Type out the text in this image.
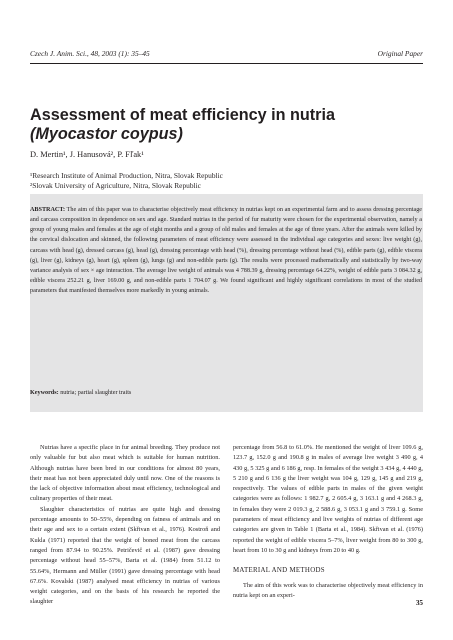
Czech J. Anim. Sci., 48, 2003 (1): 35–45	Original Paper
Assessment of meat efficiency in nutria
(Myocastor coypus)
D. Mertin¹, J. Hanusová², P. Fľak¹
¹Research Institute of Animal Production, Nitra, Slovak Republic
²Slovak University of Agriculture, Nitra, Slovak Republic
ABSTRACT: The aim of this paper was to characterise objectively meat efficiency in nutrias kept on an experimental farm and to assess dressing percentage and carcass composition in dependence on sex and age. Standard nutrias in the period of fur maturity were chosen for the experimental observation, namely a group of young males and females at the age of eight months and a group of old males and females at the age of three years. After the animals were killed by the cervical dislocation and skinned, the following parameters of meat efficiency were assessed in the individual age categories and sexes: live weight (g), carcass with head (g), dressed carcass (g), head (g), dressing percentage with head (%), dressing percentage without head (%), edible parts (g), edible viscera (g), liver (g), kidneys (g), heart (g), spleen (g), lungs (g) and non-edible parts (g). The results were processed mathematically and statistically by two-way variance analysis of sex × age interaction. The average live weight of animals was 4 788.39 g, dressing percentage 64.22%, weight of edible parts 3 084.32 g, edible viscera 252.21 g, liver 169.00 g, and non-edible parts 1 704.07 g. We found significant and highly significant correlations in most of the studied parameters that manifested themselves more markedly in young animals.
Keywords: nutria; partial slaughter traits

Nutrias have a specific place in fur animal breeding. They produce not only valuable fur but also meat which is suitable for human nutrition. Although nutrias have been bred in our conditions for almost 80 years, their meat has not been appreciated duly until now. One of the reasons is the lack of objective information about meat efficiency, technological and culinary properties of their meat.

Slaughter characteristics of nutrias are quite high and dressing percentage amounts to 50–55%, depending on fatness of animals and on their age and sex to a certain extent (Skřivan et al., 1976). Kostroň and Kukla (1971) reported that the weight of boned meat from the carcass ranged from 87.94 to 90.25%. Petričevič et al. (1987) gave dressing percentage without head 55–57%, Barta et al. (1984) from 51.12 to 55.64%, Hermann and Müller (1991) gave dressing percentage with head 67.6%. Kovalski (1987) analysed meat efficiency in nutrias of various weight categories, and on the basis of his research he reported the slaughter

percentage from 56.8 to 61.0%. He mentioned the weight of liver 109.6 g, 123.7 g, 152.0 g and 190.8 g in males of average live weight 3 490 g, 4 430 g, 5 325 g and 6 186 g, resp. In females of the weight 3 434 g, 4 440 g, 5 210 g and 6 136 g the liver weight was 104 g, 129 g, 145 g and 219 g, respectively. The values of edible parts in males of the given weight categories were as follows: 1 982.7 g, 2 605.4 g, 3 163.1 g and 4 268.3 g, in females they were 2 019.3 g, 2 588.6 g, 3 053.1 g and 3 759.1 g. Some parameters of meat efficiency and live weights of nutrias of different age categories are given in Table 1 (Barta et al., 1984). Skřivan et al. (1976) reported the weight of edible viscera 5–7%, liver weight from 80 to 300 g, heart from 10 to 30 g and kidneys from 20 to 40 g.

MATERIAL AND METHODS

The aim of this work was to characterise objectively meat efficiency in nutria kept on an experi-

35
